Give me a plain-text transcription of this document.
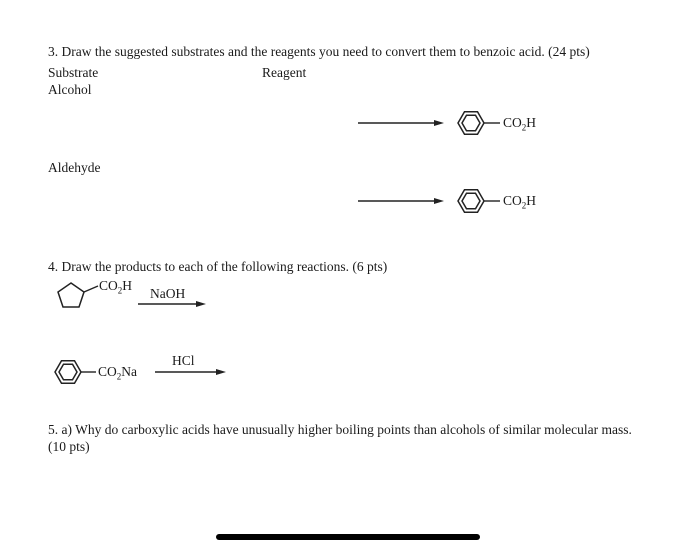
3. Draw the suggested substrates and the reagents you need to convert them to benzoic acid. (24 pts)
Substrate	Reagent
Alcohol
Aldehyde
$CO_2H$
$CO_2H$
4. Draw the products to each of the following reactions. (6 pts)
$CO_2H$
NaOH
$CO_2Na$
HCl
5. a) Why do carboxylic acids have unusually higher boiling points than alcohols of similar molecular mass. (10 pts)
